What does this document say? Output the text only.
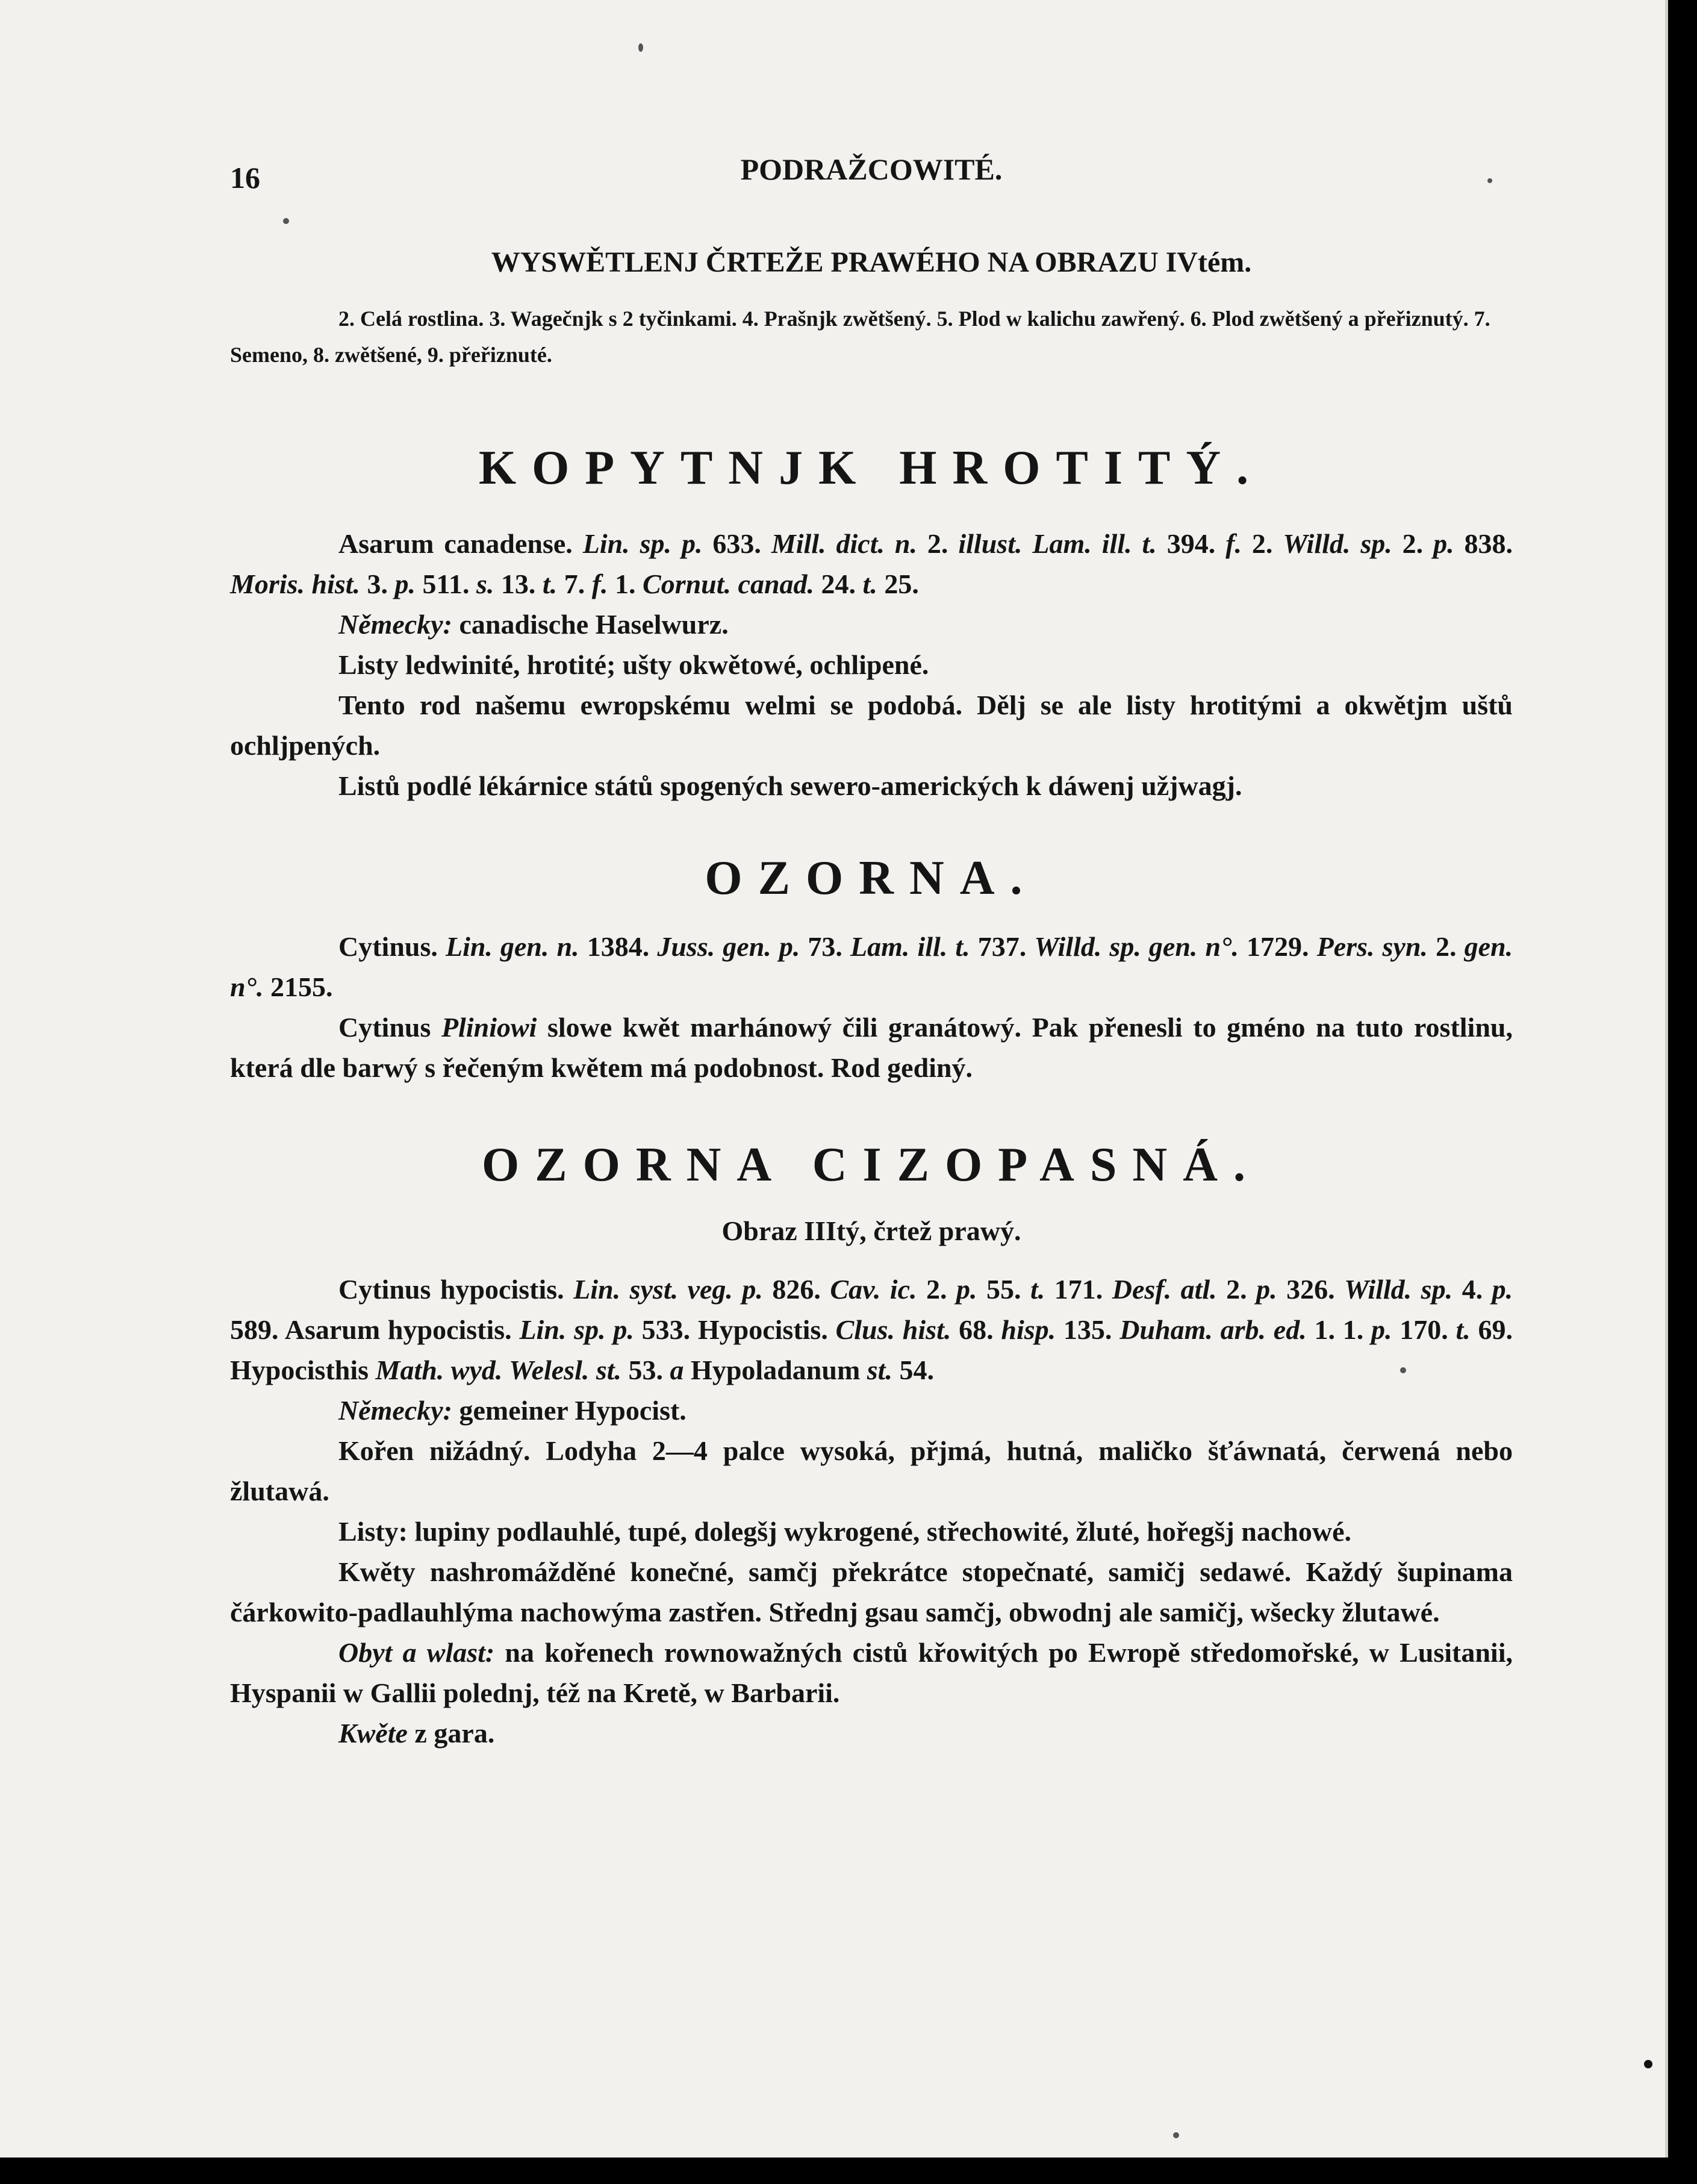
16	PODRAŽCOWITÉ.
WYSWĚTLENJ ČRTEŽE PRAWÉHO NA OBRAZU IVtém.

2. Celá rostlina. 3. Wagečnjk s 2 tyčinkami. 4. Prašnjk zwětšený. 5. Plod w kalichu zawřený. 6. Plod zwětšený a přeřiznutý. 7. Semeno, 8. zwětšené, 9. přeřiznuté.

KOPYTNJK HROTITÝ.

Asarum canadense. Lin. sp. p. 633. Mill. dict. n. 2. illust. Lam. ill. t. 394. f. 2. Willd. sp. 2. p. 838. Moris. hist. 3. p. 511. s. 13. t. 7. f. 1. Cornut. canad. 24. t. 25.

Německy: canadische Haselwurz.

Listy ledwinité, hrotité; ušty okwětowé, ochlipené.

Tento rod našemu ewropskému welmi se podobá. Dělj se ale listy hrotitými a okwětjm uštů ochljpených.

Listů podlé lékárnice států spogených sewero-amerických k dáwenj užjwagj.

OZORNA.

Cytinus. Lin. gen. n. 1384. Juss. gen. p. 73. Lam. ill. t. 737. Willd. sp. gen. n°. 1729. Pers. syn. 2. gen. n°. 2155.

Cytinus Pliniowi slowe kwět marhánowý čili granátowý. Pak přenesli to gméno na tuto rostlinu, která dle barwý s řečeným kwětem má podobnost. Rod gediný.

OZORNA CIZOPASNÁ.
Obraz IIItý, črtež prawý.

Cytinus hypocistis. Lin. syst. veg. p. 826. Cav. ic. 2. p. 55. t. 171. Desf. atl. 2. p. 326. Willd. sp. 4. p. 589. Asarum hypocistis. Lin. sp. p. 533. Hypocistis. Clus. hist. 68. hisp. 135. Duham. arb. ed. 1. 1. p. 170. t. 69. Hypocisthis Math. wyd. Welesl. st. 53. a Hypoladanum st. 54.

Německy: gemeiner Hypocist.

Kořen nižádný. Lodyha 2—4 palce wysoká, přjmá, hutná, maličko šťáwnatá, čerwená nebo žlutawá.

Listy: lupiny podlauhlé, tupé, dolegšj wykrogené, střechowité, žluté, hořegšj nachowé.

Kwěty nashromážděné konečné, samčj překrátce stopečnaté, samičj sedawé. Každý šupinama čárkowito-padlauhlýma nachowýma zastřen. Střednj gsau samčj, obwodnj ale samičj, wšecky žlutawé.

Obyt a wlast: na kořenech rownowažných cistů křowitých po Ewropě středomořské, w Lusitanii, Hyspanii w Gallii polednj, též na Kretě, w Barbarii.

Kwěte z gara.
